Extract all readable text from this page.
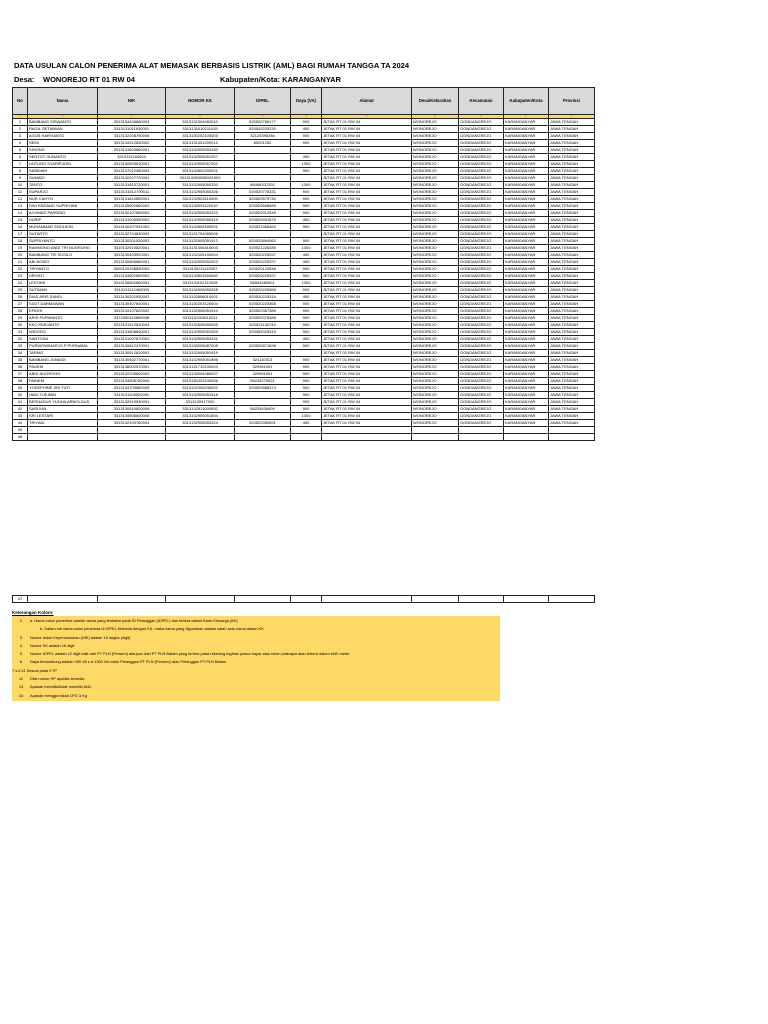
DATA USULAN CALON PENERIMA ALAT MEMASAK BERBASIS LISTRIK (AML) BAGI RUMAH TANGGA TA 2024
Desa: WONOREJO RT 01 RW 04	Kabupaten/Kota: KARANGANYAR
No	Nama	NIK	NOMOR KK	IDPEL	Daya (VA)	Alamat	Desa/Kelurahan	Kecamatan	Kabupaten/Kota	Provinsi
▾	▾	▾	▾	▾	▾	▾	▾	▾	▾	▾
1	BAMBANG SISWANTO	3313134406680003	3313132304082010	520520786177	900	JETAK RT 01 RW 04	WONOREJO	GONDANGREJO	KARANGANYAR	JAWA TENGAH
2	RAGIL SETIAWAN	3313131011930001	3313131010211025	520520225230	450	JETAK RT 01 RW 04	WONOREJO	GONDANGREJO	KARANGANYAR	JAWA TENGAH
3	AGUS HARIYANTO	3313132208790006	3313130202100003	32125396286	900	JETAK RT 01 RW 04	WONOREJO	GONDANGREJO	KARANGANYAR	JAWA TENGAH
4	SEMI	3313134312630002	3313131401200012	89201252	900	JETAK RT 01 RW 04	WONOREJO	GONDANGREJO	KARANGANYAR	JAWA TENGAH
5	SIHONO	3313131603660001	3313132905050330			JETAK RT 01 RW 04	WONOREJO	GONDANGREJO	KARANGANYAR	JAWA TENGAH
6	SENTOT GUNANTO	3313131164004	3313132905051907		450	JETAK RT 01 RW 04	WONOREJO	GONDANGREJO	KARANGANYAR	JAWA TENGAH
7	UNTUNG SYARIFUDIN	3313130505610001	3313132905057902		1300	JETAK RT 01 RW 04	WONOREJO	GONDANGREJO	KARANGANYAR	JAWA TENGAH
8	SARIMAH	3313137012450003	3313132802200001		900	JETAK RT 01 RW 04	WONOREJO	GONDANGREJO	KARANGANYAR	JAWA TENGAH
9	SUMADI	3313130207720001	3313132905050G1903			JETAK RT 01 RW 04	WONOREJO	GONDANGREJO	KARANGANYAR	JAWA TENGAH
10	TANTO	3313131810720001	3313132905050330	86068337202	1300	JETAK RT 01 RW 04	WONOREJO	GONDANGREJO	KARANGANYAR	JAWA TENGAH
11	SUPARJO	3313131512700011	3313132905050326	520520776331	900	JETAK RT 01 RW 04	WONOREJO	GONDANGREJO	KARANGANYAR	JAWA TENGAH
12	NUR CAHYO	3313131810850001	3313132903110009	520520579730	900	JETAK RT 01 RW 04	WONOREJO	GONDANGREJO	KARANGANYAR	JAWA TENGAH
13	DWI ENDANG SUPRIYANI	3313135902660002	3313132091120010	520520668589	900	JETAK RT 01 RW 04	WONOREJO	GONDANGREJO	KARANGANYAR	JAWA TENGAH
14	ACHMAD PARIDNO	3313130107650002	3313132905050323	520520912545	900	JETAK RT 01 RW 04	WONOREJO	GONDANGREJO	KARANGANYAR	JAWA TENGAH
15	SURIP	3313131005550002	3313132905050319	520520451875	450	JETAK RT 01 RW 04	WONOREJO	GONDANGREJO	KARANGANYAR	JAWA TENGAH
16	MUHAMMAD SHOLIKIN	3313140107091002	3313132809180001	520523366463	900	JETAK RT 01 RW 04	WONOREJO	GONDANGREJO	KARANGANYAR	JAWA TENGAH
17	SUTARTO	3313132704630003	3313131704085006			JETAK RT 01 RW 04	WONOREJO	GONDANGREJO	KARANGANYAR	JAWA TENGAH
18	SUPRIYANTO	3313130201530003	3313132905051912	520520894062	900	JETAK RT 01 RW 04	WONOREJO	GONDANGREJO	KARANGANYAR	JAWA TENGAH
19	RAHMONO ANDI TRI NUGROHO	3310132910820001	3313131406416003	520521226289	1300	JETAK RT 01 RW 04	WONOREJO	GONDANGREJO	KARANGANYAR	JAWA TENGAH
20	BAMBANG TRI SUSILO	3313130403920001	3313132405190004	520520225297	450	JETAK RT 01 RW 04	WONOREJO	GONDANGREJO	KARANGANYAR	JAWA TENGAH
21	ABI BOWO	3313130806680001	3313132905051923	520520225297	450	JETAK RT 01 RW 04	WONOREJO	GONDANGREJO	KARANGANYAR	JAWA TENGAH
22	TRIYANTO	3309120108830002	3313130211110007	520520124548	900	JETAK RT 01 RW 04	WONOREJO	GONDANGREJO	KARANGANYAR	JAWA TENGAH
23	SRIYATI	3313134802650002	3313132601160009	520520225327	900	JETAK RT 01 RW 04	WONOREJO	GONDANGREJO	KARANGANYAR	JAWA TENGAH
24	LESTARI	3313136802860001	3313131102110028	56504280001	1300	JETAK RT 01 RW 04	WONOREJO	GONDANGREJO	KARANGANYAR	JAWA TENGAH
25	SUTIMAN	3313131112460003	3313132905050328	520520225368	900	JETAK RT 01 RW 04	WONOREJO	GONDANGREJO	KARANGANYAR	JAWA TENGAH
26	DIAS ARIS SANDI	3313130201930002	3313132606010001	520520225319	450	JETAK RT 01 RW 04	WONOREJO	GONDANGREJO	KARANGANYAR	JAWA TENGAH
27	SIGIT DARMAWAN	3313130407840001	3313130203120004	520520225368	900	JETAK RT 01 RW 04	WONOREJO	GONDANGREJO	KARANGANYAR	JAWA TENGAH
28	EFIDHI	3313134107620002	3313132905051910	520520367389	900	JETAK RT 01 RW 04	WONOREJO	GONDANGREJO	KARANGANYAR	JAWA TENGAH
29	ARIS PURWANTO	3372050110890008	3313131008110011	520520375486	900	JETAK RT 01 RW 04	WONOREJO	GONDANGREJO	KARANGANYAR	JAWA TENGAH
30	EKO PARJANTO	3313131512810003	3313132605090005	520521140744	900	JETAK RT 01 RW 04	WONOREJO	GONDANGREJO	KARANGANYAR	JAWA TENGAH
31	WIDODO	3313131808640001	3313132905051909	520452025319	900	JETAK RT 01 RW 04	WONOREJO	GONDANGREJO	KARANGANYAR	JAWA TENGAH
32	SANTOSA	3313131007670002	3313132905050331		450	JETAK RT 01 RW 04	WONOREJO	GONDANGREJO	KARANGANYAR	JAWA TENGAH
33	PURWOWINARJO P PURNAMA	3313130612470001	3313133005087008	520520871698	900	JETAK RT 01 RW 04	WONOREJO	GONDANGREJO	KARANGANYAR	JAWA TENGAH
34	TARMO	3313130512610003	3313132905051919			JETAK RT 01 RW 04	WONOREJO	GONDANGREJO	KARANGANYAR	JAWA TENGAH
35	BAMBANG JUNAIDI	3313130402770001	3313132905051898	321110313	900	JETAK RT 01 RW 04	WONOREJO	GONDANGREJO	KARANGANYAR	JAWA TENGAH
36	PAIJEM	3313136002570001	3313131710130003	320951091	900	JETAK RT 01 RW 04	WONOREJO	GONDANGREJO	KARANGANYAR	JAWA TENGAH
37	ABDI NUGROHO	3313132205800002	3313133004086007	320951091	900	JETAK RT 01 RW 04	WONOREJO	GONDANGREJO	KARANGANYAR	JAWA TENGAH
38	PAINEM	3313134506750006	3313130403240006	56234279921	900	JETAK RT 01 RW 04	WONOREJO	GONDANGREJO	KARANGANYAR	JAWA TENGAH
39	YOSEPHINE SRI TUTI	3313134709580005	3313132306230002	520520888374	900	JETAK RT 01 RW 04	WONOREJO	GONDANGREJO	KARANGANYAR	JAWA TENGAH
40	HADI TUKIMIN	3313131105520001	3313132905051918		900	JETAK RT 01 RW 04	WONOREJO	GONDANGREJO	KARANGANYAR	JAWA TENGAH
41	BERNADUS YUDHA ARNOLDUS	3313132510930001	3313130917000		900	JETAK RT 01 RW 04	WONOREJO	GONDANGREJO	KARANGANYAR	JAWA TENGAH
42	SARIJUN	3313130510820006	3313132511090002	56225435409	900	JETAK RT 01 RW 04	WONOREJO	GONDANGREJO	KARANGANYAR	JAWA TENGAH
43	SRI LESTARI	3313134506600008	3313132905051894		1300	JETAK RT 01 RW 04	WONOREJO	GONDANGREJO	KARANGANYAR	JAWA TENGAH
44	TRIYADI	3313132109760004	3313132905050324	520520355591	450	JETAK RT 01 RW 04	WONOREJO	GONDANGREJO	KARANGANYAR	JAWA TENGAH
45										
46										
47										
Keterangan Kolom:
2	a. Nama calon penerima adalah nama yang terdaftar pada ID Pelanggan (IDPEL) dan tertera dalam Kartu Keluarga (KK)
b. Dalam hal nama calon penerima di IDPEL berbeda dengan KK, maka nama yang digunakan adalah salah satu nama dalam KK
3	Nomor Induk Kependudukan (NIK) adalah 16 angka (digit)
4	Nomor KK adalah 16 digit
5	Nomor IDPEL adalah 12 digit baik dari PT PLN (Persero) ataupun dari PT PLN Batam yang tertera pada rekening tagihan pasca bayar atau token prabayar atau tertera dalam kWh meter
6	Daya tersambung adalah 450 VA s.d 1300 VA untuk Pelanggan PT PLN (Persero) atau Pelanggan PT PLN Batam
7 s.d 11 Sesuai pada KTP
12	Diisi nomor HP apabila tersedia
13	Apakah memiliki/tidak memiliki AML
14	Apakah menggunakan LPG 3 Kg
